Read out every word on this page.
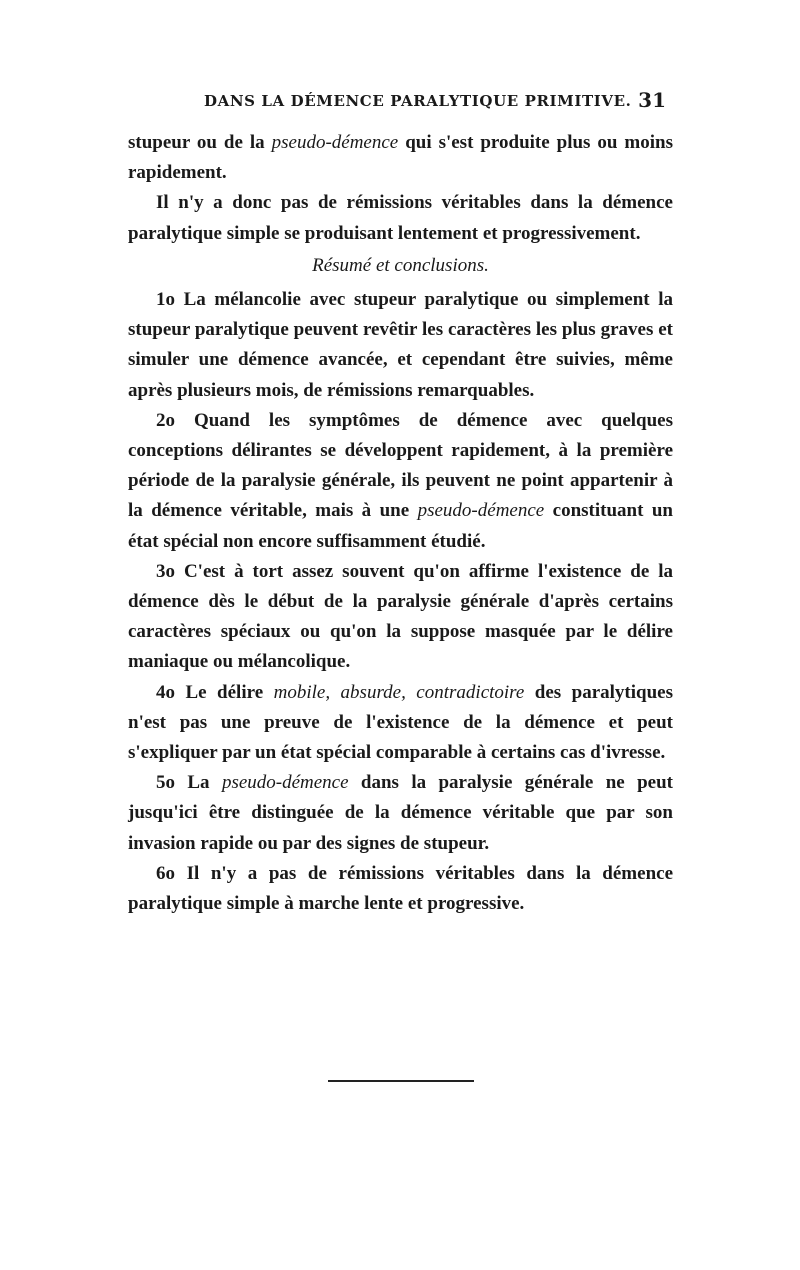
DANS LA DÉMENCE PARALYTIQUE PRIMITIVE. 31

stupeur ou de la pseudo-démence qui s'est produite plus ou moins rapidement.

Il n'y a donc pas de rémissions véritables dans la démence paralytique simple se produisant lentement et progressivement.

Résumé et conclusions.

1o La mélancolie avec stupeur paralytique ou simplement la stupeur paralytique peuvent revêtir les caractères les plus graves et simuler une démence avancée, et cependant être suivies, même après plusieurs mois, de rémissions remarquables.

2o Quand les symptômes de démence avec quelques conceptions délirantes se développent rapidement, à la première période de la paralysie générale, ils peuvent ne point appartenir à la démence véritable, mais à une pseudo-démence constituant un état spécial non encore suffisamment étudié.

3o C'est à tort assez souvent qu'on affirme l'existence de la démence dès le début de la paralysie générale d'après certains caractères spéciaux ou qu'on la suppose masquée par le délire maniaque ou mélancolique.

4o Le délire mobile, absurde, contradictoire des paralytiques n'est pas une preuve de l'existence de la démence et peut s'expliquer par un état spécial comparable à certains cas d'ivresse.

5o La pseudo-démence dans la paralysie générale ne peut jusqu'ici être distinguée de la démence véritable que par son invasion rapide ou par des signes de stupeur.

6o Il n'y a pas de rémissions véritables dans la démence paralytique simple à marche lente et progressive.
